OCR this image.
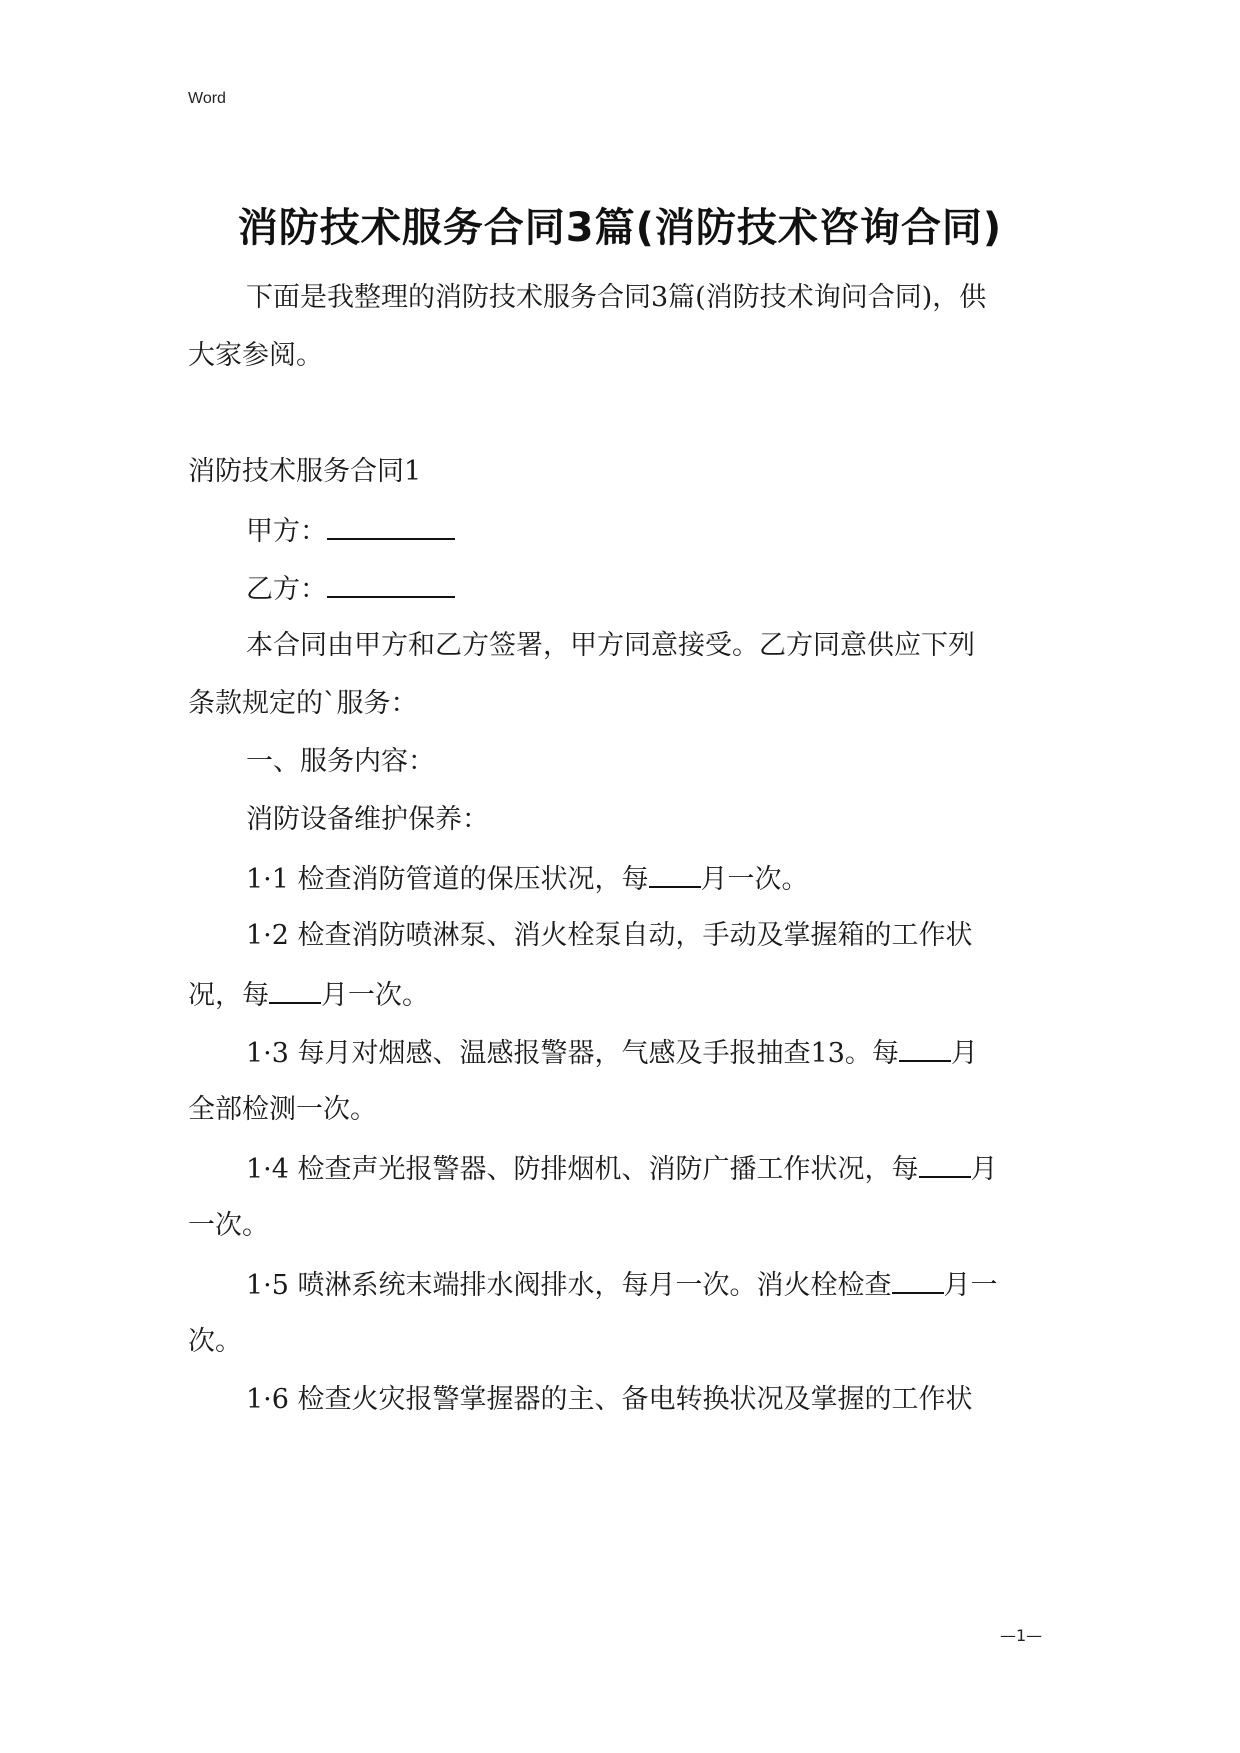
Word
消防技术服务合同3篇(消防技术咨询合同)
下面是我整理的消防技术服务合同3篇(消防技术询问合同)，供
大家参阅。
消防技术服务合同1
甲方：
乙方：
本合同由甲方和乙方签署，甲方同意接受。乙方同意供应下列
条款规定的`服务：
一、服务内容：
消防设备维护保养：
1·1 检查消防管道的保压状况，每 月一次。
1·2 检查消防喷淋泵、消火栓泵自动，手动及掌握箱的工作状
况，每 月一次。
1·3 每月对烟感、温感报警器，气感及手报抽查13。每 月
全部检测一次。
1·4 检查声光报警器、防排烟机、消防广播工作状况，每 月
一次。
1·5 喷淋系统末端排水阀排水，每月一次。消火栓检查 月一
次。
1·6 检查火灾报警掌握器的主、备电转换状况及掌握的工作状
—1—
